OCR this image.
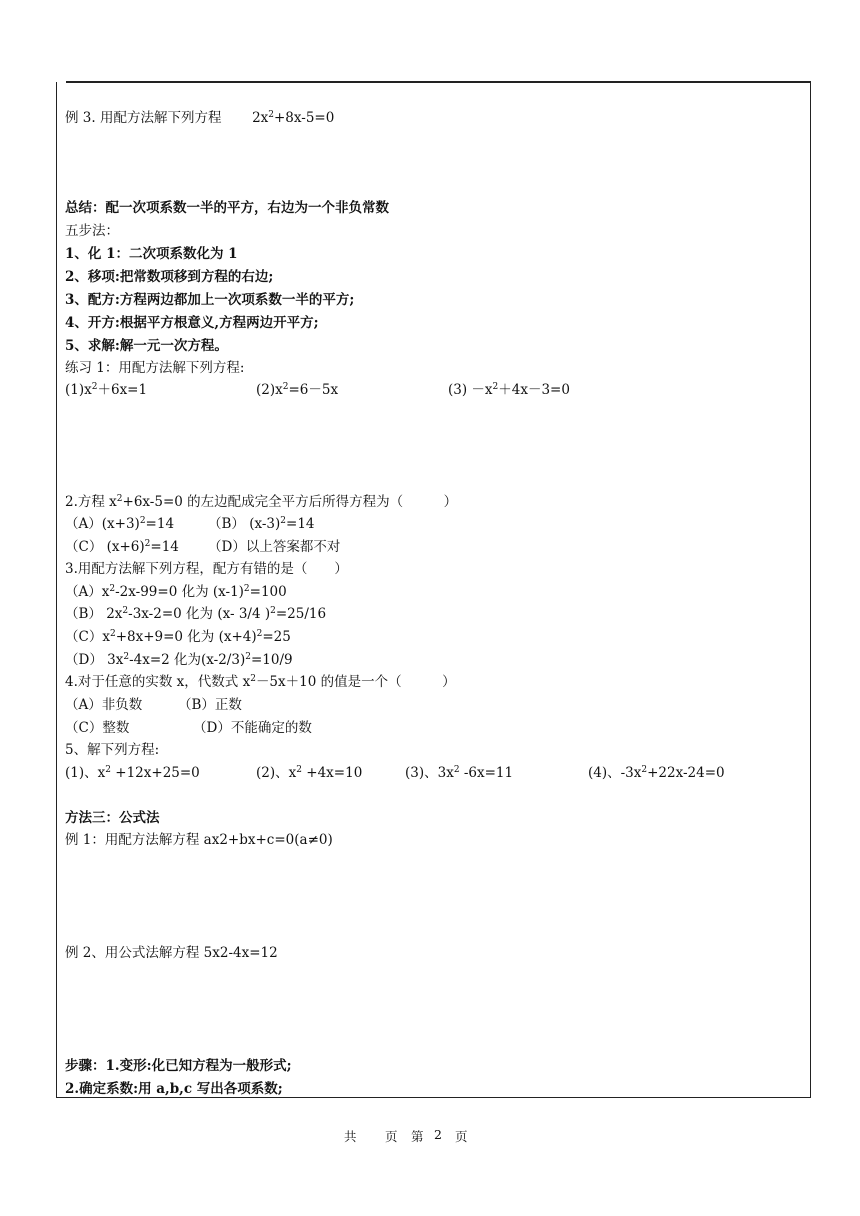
例 3. 用配方法解下列方程 $2x^2+8x-5=0$
总结：配一次项系数一半的平方，右边为一个非负常数
五步法：
1、化 1：二次项系数化为 1
2、移项:把常数项移到方程的右边;
3、配方:方程两边都加上一次项系数一半的平方;
4、开方:根据平方根意义,方程两边开平方;
5、求解:解一元一次方程。
练习 1：用配方法解下列方程:
$(1)x^2+6x=1$	$(2)x^2=6-5x$	$(3) -x^2+4x-3=0$
2.方程 $x^2+6x-5=0$ 的左边配成完全平方后所得方程为（　　　）
$(A)(x+3)^2=14$	（B） $(x-3)^2=14$
（C） $(x+6)^2=14$ （D）以上答案都不对
3.用配方法解下列方程，配方有错的是（　　）
$(A)x^2-2x-99=0$ 化为 $(x-1)^2=100$
（B） $2x^2-3x-2=0$ 化为 (x- 3/4 )$^2$=25/16
$(C)x^2+8x+9=0$ 化为 $(x+4)^2=25$
（D） $3x^2-4x=2$ 化为$(x-2/3)^2=10/9$
4.对于任意的实数 x，代数式 $x^2-5x+10$ 的值是一个（　　　）
（A）非负数	（B）正数
（C）整数	（D）不能确定的数
5、解下列方程:
(1)、$x^2 +12x+25=0$	(2)、$x^2 +4x=10$	(3)、$3x^2$ -6x=11	(4)、$-3x^2+22x-24=0$
方法三：公式法
例 1：用配方法解方程 ax2+bx+c=0(a≠0)
例 2、用公式法解方程 5x2-4x=12
步骤：1.变形:化已知方程为一般形式;
2.确定系数:用 a,b,c 写出各项系数;
共 页 第 2 页
